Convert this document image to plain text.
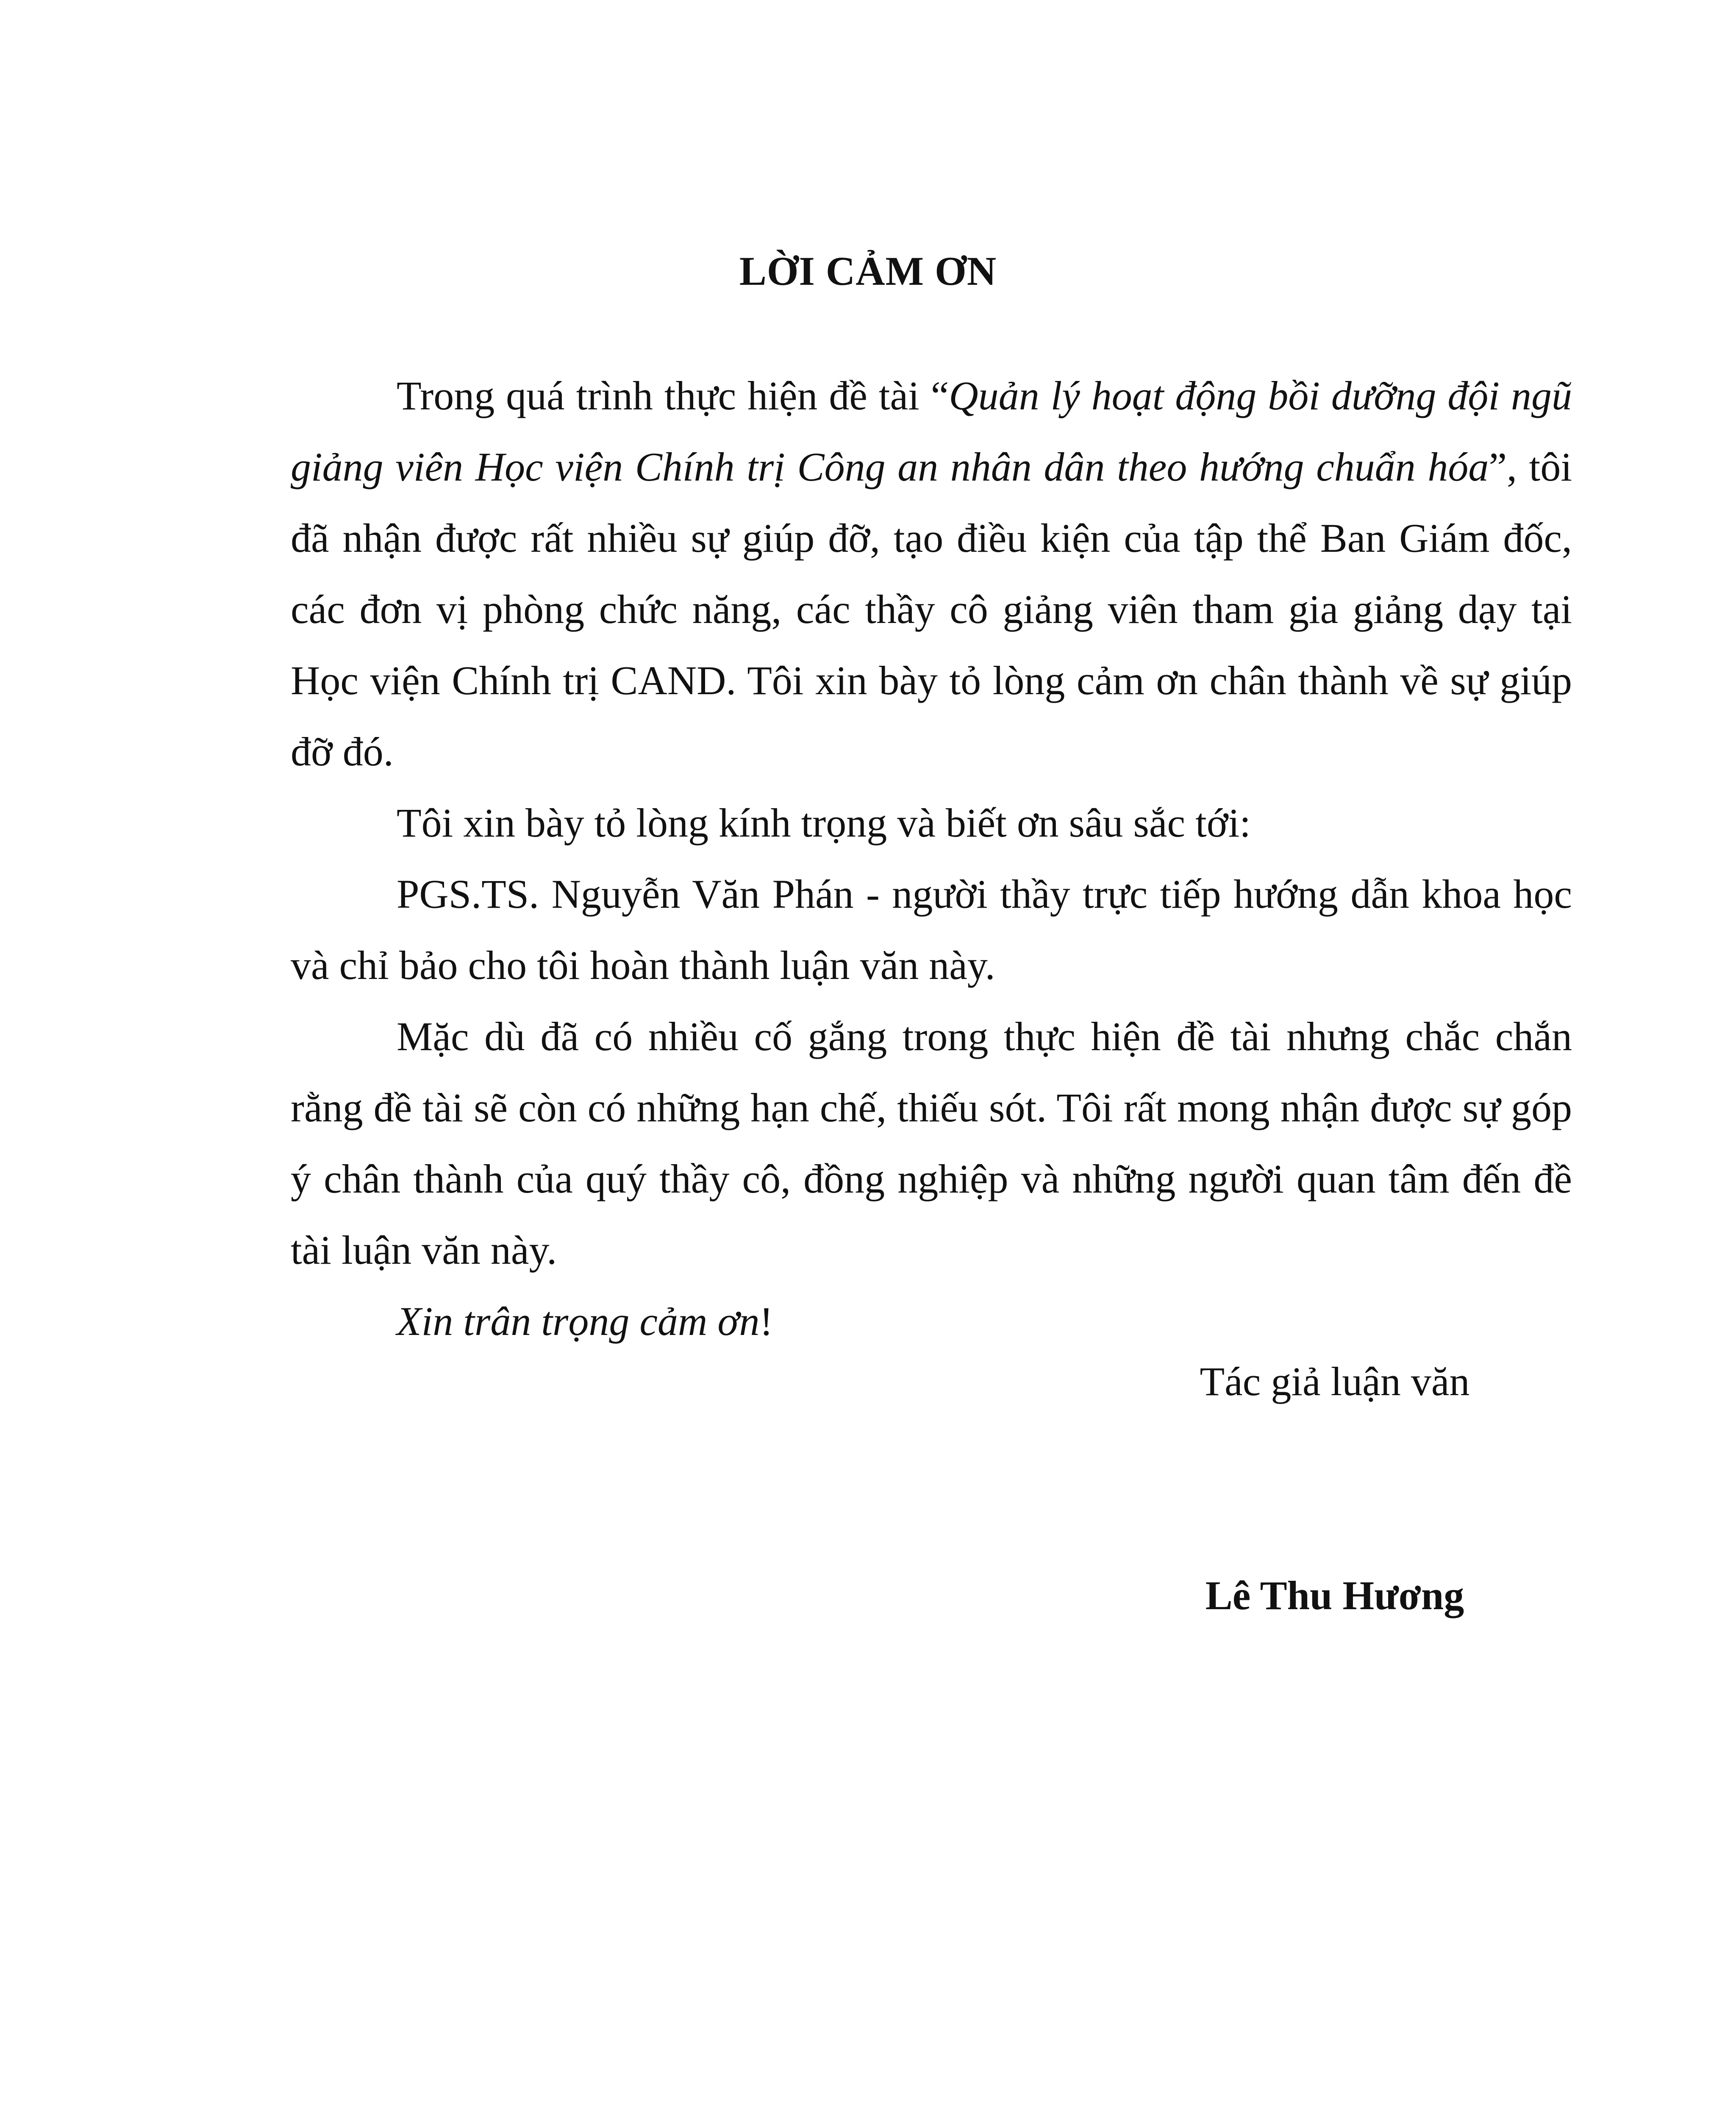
LỜI CẢM ƠN

Trong quá trình thực hiện đề tài “Quản lý hoạt động bồi dưỡng đội ngũ giảng viên Học viện Chính trị Công an nhân dân theo hướng chuẩn hóa”, tôi đã nhận được rất nhiều sự giúp đỡ, tạo điều kiện của tập thể Ban Giám đốc, các đơn vị phòng chức năng, các thầy cô giảng viên tham gia giảng dạy tại Học viện Chính trị CAND. Tôi xin bày tỏ lòng cảm ơn chân thành về sự giúp đỡ đó.

Tôi xin bày tỏ lòng kính trọng và biết ơn sâu sắc tới:

PGS.TS. Nguyễn Văn Phán - người thầy trực tiếp hướng dẫn khoa học và chỉ bảo cho tôi hoàn thành luận văn này.

Mặc dù đã có nhiều cố gắng trong thực hiện đề tài nhưng chắc chắn rằng đề tài sẽ còn có những hạn chế, thiếu sót. Tôi rất mong nhận được sự góp ý chân thành của quý thầy cô, đồng nghiệp và những người quan tâm đến đề tài luận văn này.

Xin trân trọng cảm ơn!

Tác giả luận văn
Lê Thu Hương
